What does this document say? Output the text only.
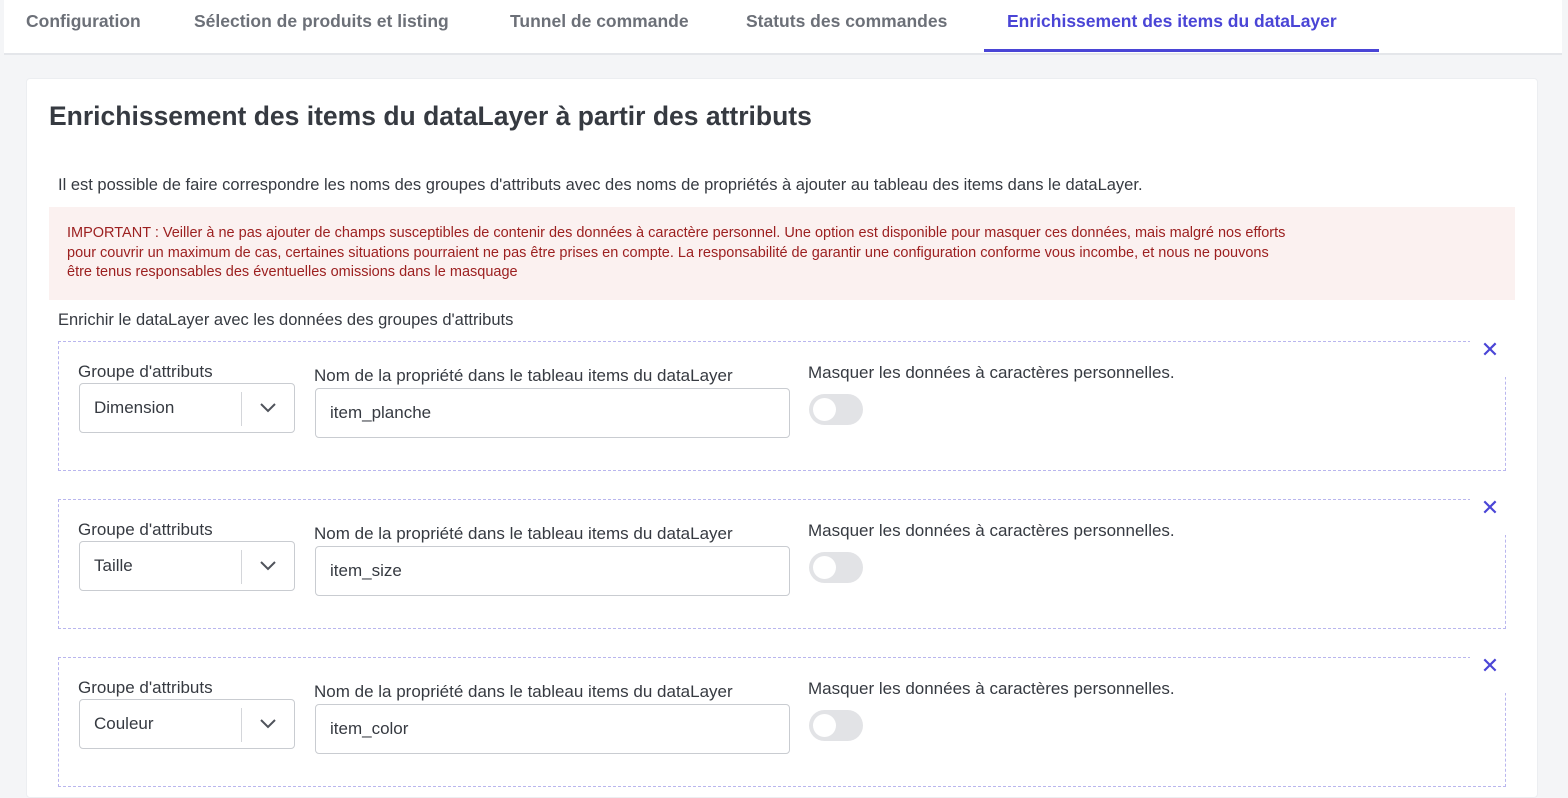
Configuration	Sélection de produits et listing	Tunnel de commande	Statuts des commandes	Enrichissement des items du dataLayer
Enrichissement des items du dataLayer à partir des attributs
Il est possible de faire correspondre les noms des groupes d'attributs avec des noms de propriétés à ajouter au tableau des items dans le dataLayer.
IMPORTANT : Veiller à ne pas ajouter de champs susceptibles de contenir des données à caractère personnel. Une option est disponible pour masquer ces données, mais malgré nos efforts
pour couvrir un maximum de cas, certaines situations pourraient ne pas être prises en compte. La responsabilité de garantir une configuration conforme vous incombe, et nous ne pouvons
être tenus responsables des éventuelles omissions dans le masquage
Enrichir le dataLayer avec les données des groupes d'attributs
✕
Groupe d'attributs
Dimension
Nom de la propriété dans le tableau items du dataLayer
item_planche	Masquer les données à caractères personnelles.
✕
Groupe d'attributs
Taille
Nom de la propriété dans le tableau items du dataLayer
item_size	Masquer les données à caractères personnelles.
✕
Groupe d'attributs
Couleur
Nom de la propriété dans le tableau items du dataLayer
item_color	Masquer les données à caractères personnelles.
